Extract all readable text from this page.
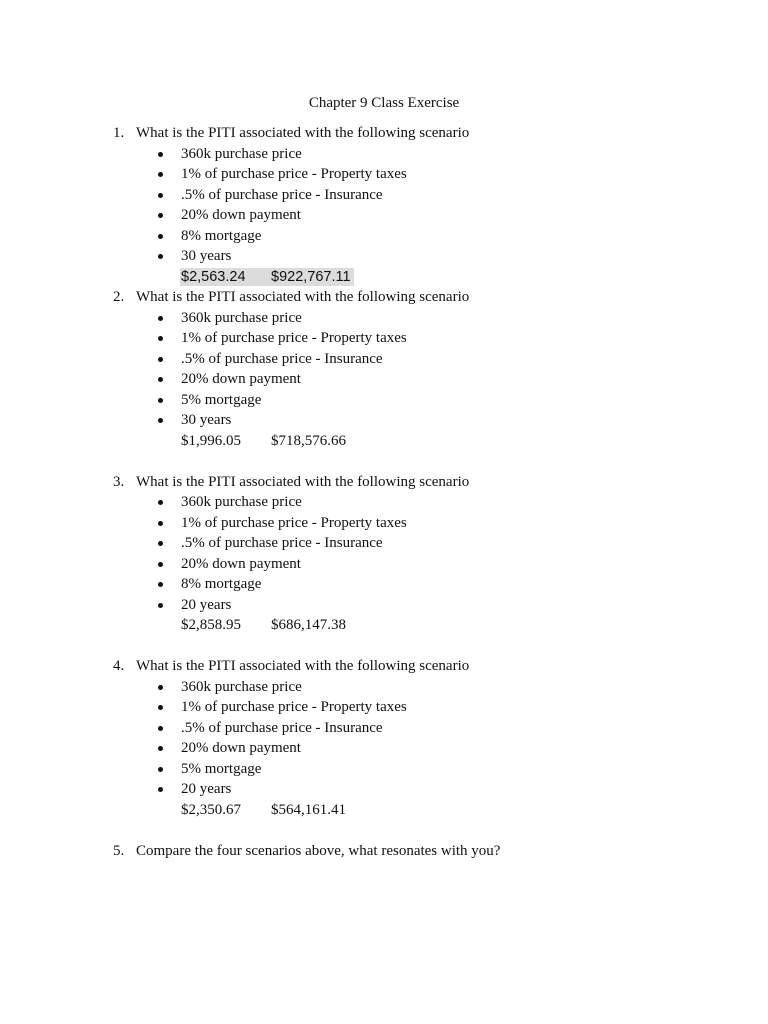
Chapter 9 Class Exercise
1. What is the PITI associated with the following scenario
360k purchase price
1% of purchase price - Property taxes
.5% of purchase price - Insurance
20% down payment
8% mortgage
30 years
$2,563.24 $922,767.11
2. What is the PITI associated with the following scenario
360k purchase price
1% of purchase price - Property taxes
.5% of purchase price - Insurance
20% down payment
5% mortgage
30 years
$1,996.05 $718,576.66
3. What is the PITI associated with the following scenario
360k purchase price
1% of purchase price - Property taxes
.5% of purchase price - Insurance
20% down payment
8% mortgage
20 years
$2,858.95 $686,147.38
4. What is the PITI associated with the following scenario
360k purchase price
1% of purchase price - Property taxes
.5% of purchase price - Insurance
20% down payment
5% mortgage
20 years
$2,350.67 $564,161.41
5. Compare the four scenarios above, what resonates with you?
